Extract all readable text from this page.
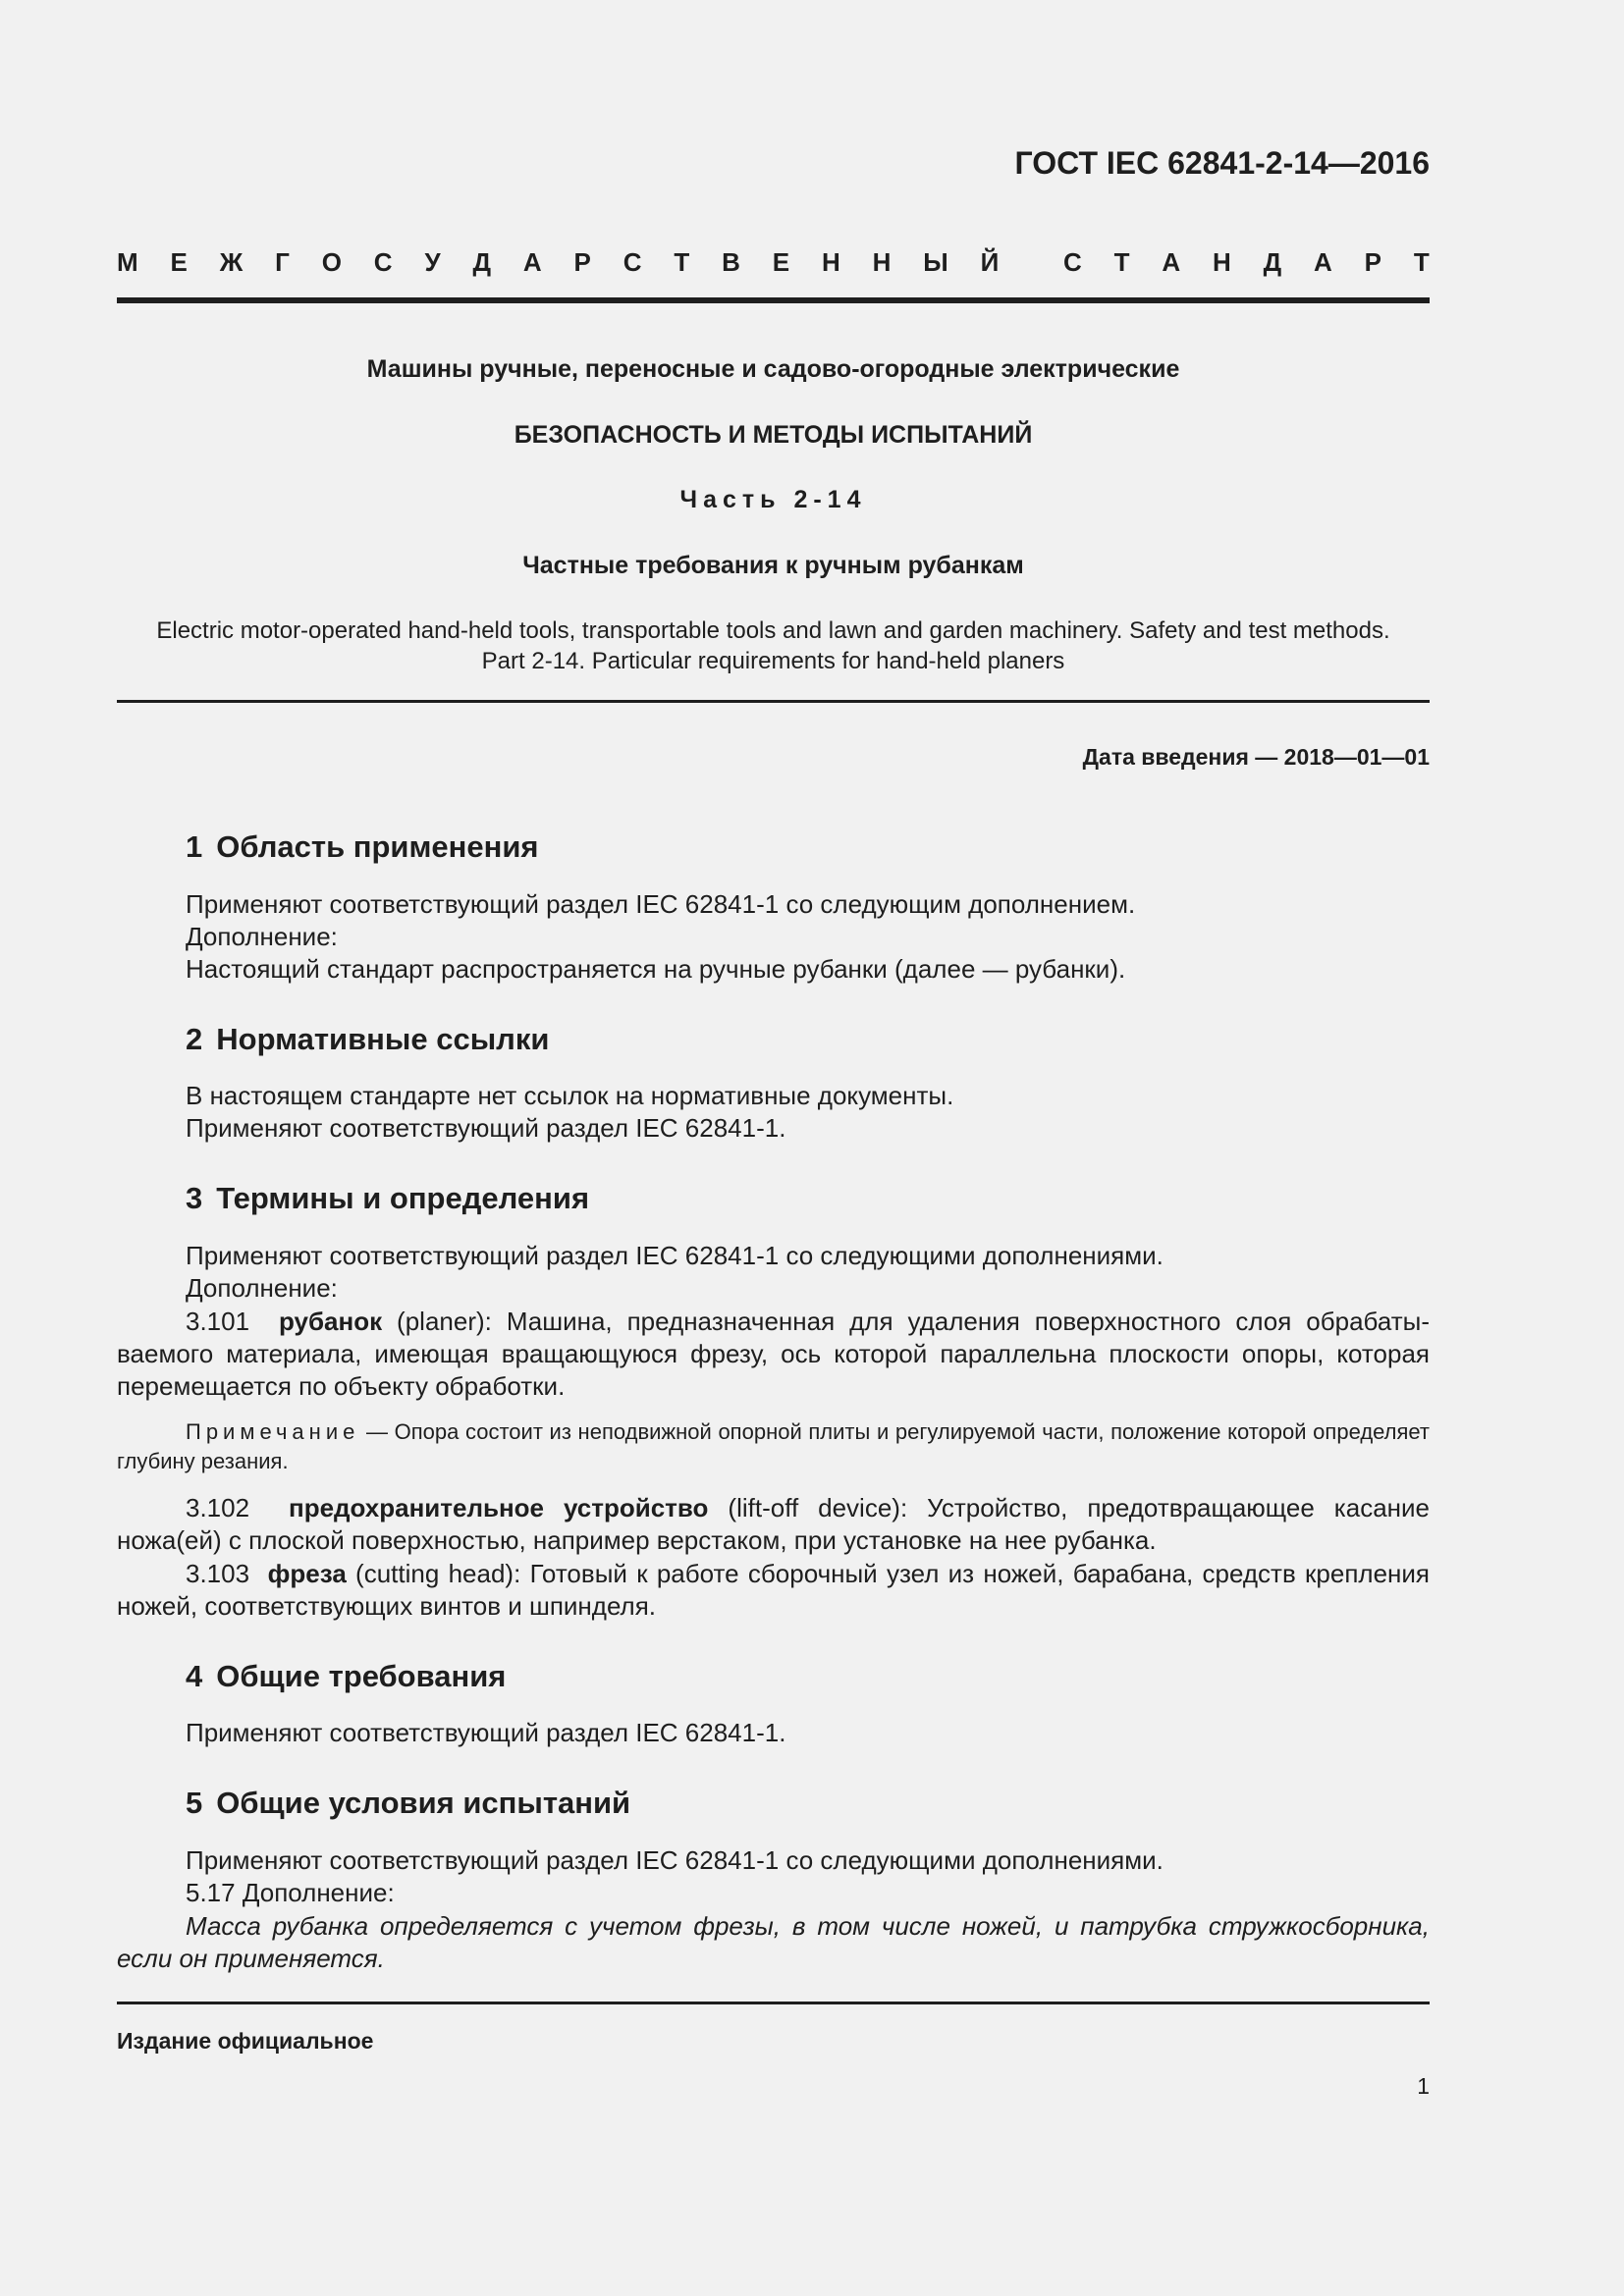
ГОСТ IEC 62841-2-14—2016
М Е Ж Г О С У Д А Р С Т В Е Н Н Ы Й	С Т А Н Д А Р Т
Машины ручные, переносные и садово-огородные электрические
БЕЗОПАСНОСТЬ И МЕТОДЫ ИСПЫТАНИЙ
Часть 2-14
Частные требования к ручным рубанкам
Electric motor-operated hand-held tools, transportable tools and lawn and garden machinery. Safety and test methods.
Part 2-14. Particular requirements for hand-held planers
Дата введения — 2018—01—01
1 Область применения
Применяют соответствующий раздел IEC 62841-1 со следующим дополнением.
Дополнение:
Настоящий стандарт распространяется на ручные рубанки (далее — рубанки).
2 Нормативные ссылки
В настоящем стандарте нет ссылок на нормативные документы.
Применяют соответствующий раздел IEC 62841-1.
3 Термины и определения
Применяют соответствующий раздел IEC 62841-1 со следующими дополнениями.
Дополнение:
3.101 рубанок (planer): Машина, предназначенная для удаления поверхностного слоя обрабатываемого материала, имеющая вращающуюся фрезу, ось которой параллельна плоскости опоры, которая перемещается по объекту обработки.
Примечание — Опора состоит из неподвижной опорной плиты и регулируемой части, положение которой определяет глубину резания.
3.102 предохранительное устройство (lift-off device): Устройство, предотвращающее касание ножа(ей) с плоской поверхностью, например верстаком, при установке на нее рубанка.
3.103 фреза (cutting head): Готовый к работе сборочный узел из ножей, барабана, средств крепления ножей, соответствующих винтов и шпинделя.
4 Общие требования
Применяют соответствующий раздел IEC 62841-1.
5 Общие условия испытаний
Применяют соответствующий раздел IEC 62841-1 со следующими дополнениями.
5.17 Дополнение:
Масса рубанка определяется с учетом фрезы, в том числе ножей, и патрубка стружкосборника, если он применяется.
Издание официальное
1
